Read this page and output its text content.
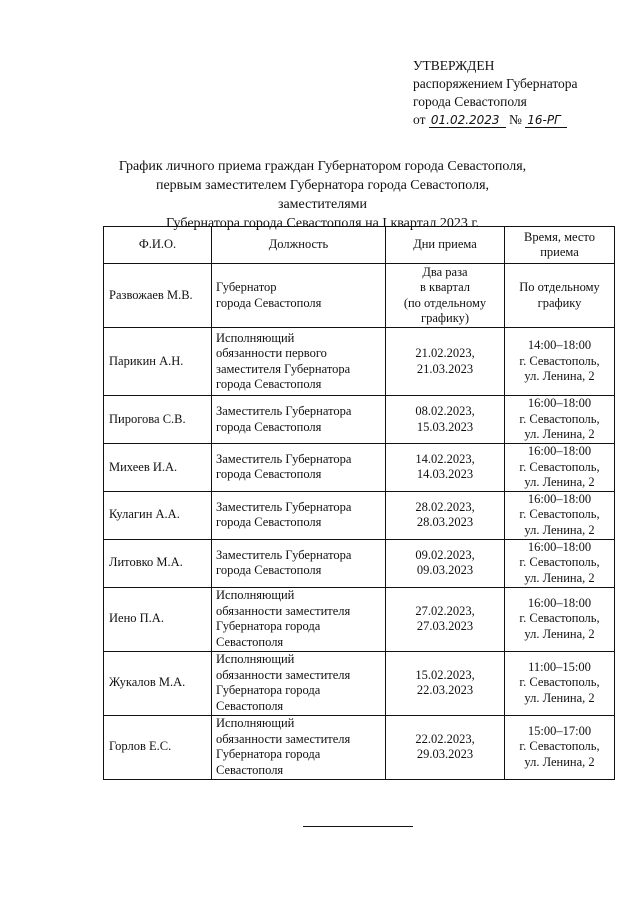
УТВЕРЖДЕН
распоряжением Губернатора
города Севастополя
от 01.02.2023 № 16-РГ
График личного приема граждан Губернатором города Севастополя,
первым заместителем Губернатора города Севастополя, заместителями
Губернатора города Севастополя на I квартал 2023 г.
Ф.И.О.	Должность	Дни приема	Время, место приема
Развожаев М.В.	Губернатор
города Севастополя	Два раза
в квартал
(по отдельному
графику)	По отдельному
графику
Парикин А.Н.	Исполняющий
обязанности первого
заместителя Губернатора
города Севастополя	21.02.2023,
21.03.2023	14:00–18:00
г. Севастополь,
ул. Ленина, 2
Пирогова С.В.	Заместитель Губернатора
города Севастополя	08.02.2023,
15.03.2023	16:00–18:00
г. Севастополь,
ул. Ленина, 2
Михеев И.А.	Заместитель Губернатора
города Севастополя	14.02.2023,
14.03.2023	16:00–18:00
г. Севастополь,
ул. Ленина, 2
Кулагин А.А.	Заместитель Губернатора
города Севастополя	28.02.2023,
28.03.2023	16:00–18:00
г. Севастополь,
ул. Ленина, 2
Литовко М.А.	Заместитель Губернатора
города Севастополя	09.02.2023,
09.03.2023	16:00–18:00
г. Севастополь,
ул. Ленина, 2
Иено П.А.	Исполняющий
обязанности заместителя
Губернатора города
Севастополя	27.02.2023,
27.03.2023	16:00–18:00
г. Севастополь,
ул. Ленина, 2
Жукалов М.А.	Исполняющий
обязанности заместителя
Губернатора города
Севастополя	15.02.2023,
22.03.2023	11:00–15:00
г. Севастополь,
ул. Ленина, 2
Горлов Е.С.	Исполняющий
обязанности заместителя
Губернатора города
Севастополя	22.02.2023,
29.03.2023	15:00–17:00
г. Севастополь,
ул. Ленина, 2
